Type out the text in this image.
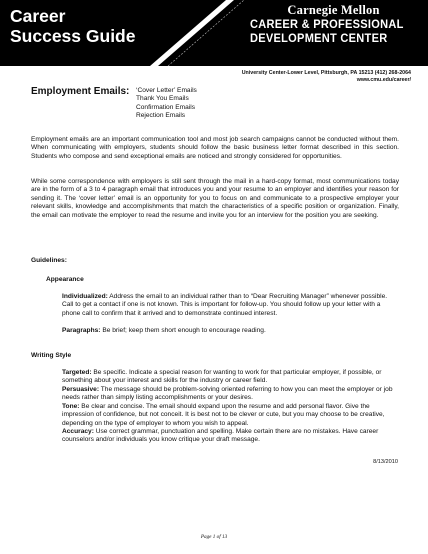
Career
Success Guide
Carnegie Mellon
CAREER & PROFESSIONAL
DEVELOPMENT CENTER
University Center-Lower Level, Pittsburgh, PA 15213 (412) 268-2064
www.cmu.edu/career/
Employment Emails: ‘Cover Letter’ Emails
Thank You Emails
Confirmation Emails
Rejection Emails

Employment emails are an important communication tool and most job search campaigns cannot be conducted without them. When communicating with employers, students should follow the basic business letter format described in this section. Students who compose and send exceptional emails are noticed and strongly considered for opportunities.

While some correspondence with employers is still sent through the mail in a hard-copy format, most communications today are in the form of a 3 to 4 paragraph email that introduces you and your resume to an employer and identifies your reason for sending it. The ‘cover letter’ email is an opportunity for you to focus on and communicate to a prospective employer your relevant skills, knowledge and accomplishments that match the characteristics of a specific position or organization. Finally, the email can motivate the employer to read the resume and invite you for an interview for the position you are seeking.

Guidelines:
Appearance

Individualized: Address the email to an individual rather than to “Dear Recruiting Manager” whenever possible. Call to get a contact if one is not known. This is important for follow-up. You should follow up your letter with a phone call to confirm that it arrived and to demonstrate continued interest.

Paragraphs: Be brief; keep them short enough to encourage reading.

Writing Style

Targeted: Be specific. Indicate a special reason for wanting to work for that particular employer, if possible, or something about your interest and skills for the industry or career field.

Persuasive: The message should be problem-solving oriented referring to how you can meet the employer or job needs rather than simply listing accomplishments or your desires.

Tone: Be clear and concise. The email should expand upon the resume and add personal flavor. Give the impression of confidence, but not conceit. It is best not to be clever or cute, but you may choose to be creative, depending on the type of employer to whom you wish to appeal.

Accuracy: Use correct grammar, punctuation and spelling. Make certain there are no mistakes. Have career counselors and/or individuals you know critique your draft message.

8/13/2010
Page 1 of 13
